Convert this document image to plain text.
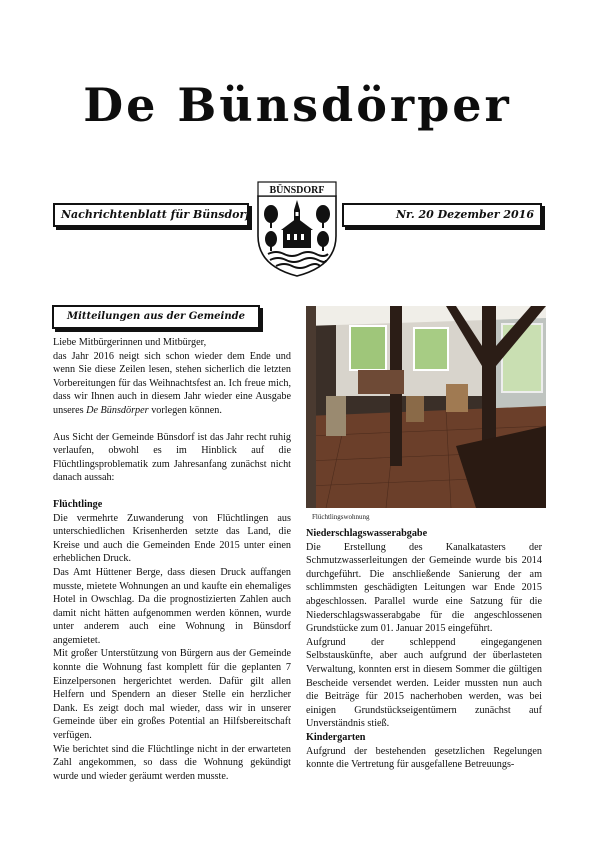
De Bünsdörper
Nachrichtenblatt für Bünsdorf	Nr. 20 Dezember 2016
BÜNSDORF
Mitteilungen aus der Gemeinde

Liebe Mitbürgerinnen und Mitbürger,

das Jahr 2016 neigt sich schon wieder dem Ende und wenn Sie diese Zeilen lesen, stehen sicherlich die letzten Vorbereitungen für das Weihnachtsfest an. Ich freue mich, dass wir Ihnen auch in diesem Jahr wieder eine Ausgabe unseres De Bünsdörper vorlegen können.

Aus Sicht der Gemeinde Bünsdorf ist das Jahr recht ruhig verlaufen, obwohl es im Hinblick auf die Flüchtlingsproblematik zum Jahresanfang zunächst nicht danach aussah:

Flüchtlinge

Die vermehrte Zuwanderung von Flüchtlingen aus unterschiedlichen Krisenherden setzte das Land, die Kreise und auch die Gemeinden Ende 2015 unter einen erheblichen Druck.

Das Amt Hüttener Berge, dass diesen Druck auffangen musste, mietete Wohnungen an und kaufte ein ehemaliges Hotel in Owschlag. Da die prognostizierten Zahlen auch damit nicht hätten aufgenommen werden können, wurde unter anderem auch eine Wohnung in Bünsdorf angemietet.

Mit großer Unterstützung von Bürgern aus der Gemeinde konnte die Wohnung fast komplett für die geplanten 7 Einzelpersonen hergerichtet werden. Dafür gilt allen Helfern und Spendern an dieser Stelle ein herzlicher Dank. Es zeigt doch mal wieder, dass wir in unserer Gemeinde über ein großes Potential an Hilfsbereitschaft verfügen.

Wie berichtet sind die Flüchtlinge nicht in der erwarteten Zahl angekommen, so dass die Wohnung gekündigt wurde und wieder geräumt werden musste.

Flüchtlingswohnung

Niederschlagswasserabgabe

Die Erstellung des Kanalkatasters der Schmutzwasserleitungen der Gemeinde wurde bis 2014 durchgeführt. Die anschließende Sanierung der am schlimmsten geschädigten Leitungen war Ende 2015 abgeschlossen. Parallel wurde eine Satzung für die Niederschlagswasserabgabe für die angeschlossenen Grundstücke zum 01. Januar 2015 eingeführt.

Aufgrund der schleppend eingegangenen Selbstauskünfte, aber auch aufgrund der überlasteten Verwaltung, konnten erst in diesem Sommer die gültigen Bescheide versendet werden. Leider mussten nun auch die Beiträge für 2015 nacherhoben werden, was bei einigen Grundstückseigentümern zunächst auf Unverständnis stieß.

Kindergarten

Aufgrund der bestehenden gesetzlichen Regelungen konnte die Vertretung für ausgefallene Betreuungs-
